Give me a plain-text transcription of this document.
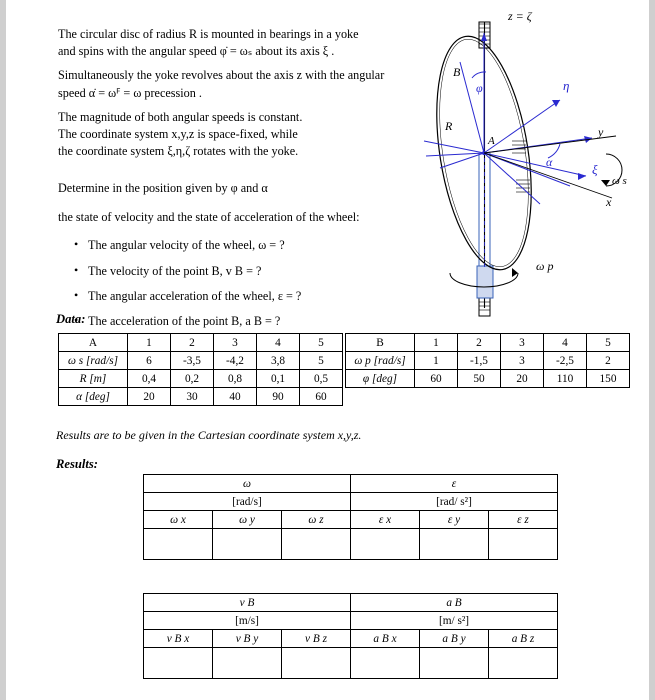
The circular disc of radius R is mounted in bearings in a yoke

and spins with the angular speed φ̇ = ωₛ about its axis ξ .

Simultaneously the yoke revolves about the axis z with the angular

speed α̇ = ωꟳ = ω precession .

The magnitude of both angular speeds is constant.

The coordinate system x,y,z is space-fixed, while

the coordinate system ξ,η,ζ rotates with the yoke.

Determine in the position given by φ and α

the state of velocity and the state of acceleration of the wheel:

• The angular velocity of the wheel, ω = ?
• The velocity of the point B, v B = ?
• The angular acceleration of the wheel, ε = ?
• The acceleration of the point B, a B = ?
z = ζ
B
φ
R
A
η
y
ξ
α
ω s
x
ω p
Data:
A	1	2	3	4	5
ω s [rad/s]	6	-3,5	-4,2	3,8	5
R [m]	0,4	0,2	0,8	0,1	0,5
α [deg]	20	30	40	90	60
B	1	2	3	4	5
ω p [rad/s]	1	-1,5	3	-2,5	2
φ [deg]	60	50	20	110	150

Results are to be given in the Cartesian coordinate system x,y,z.
Results:
ω			ε		
[rad/s]			[rad/ s²]		
ω x	ω y	ω z	ε x	ε y	ε z

v B			a B		
[m/s]			[m/ s²]		
v B x	v B y	v B z	a B x	a B y	a B z
